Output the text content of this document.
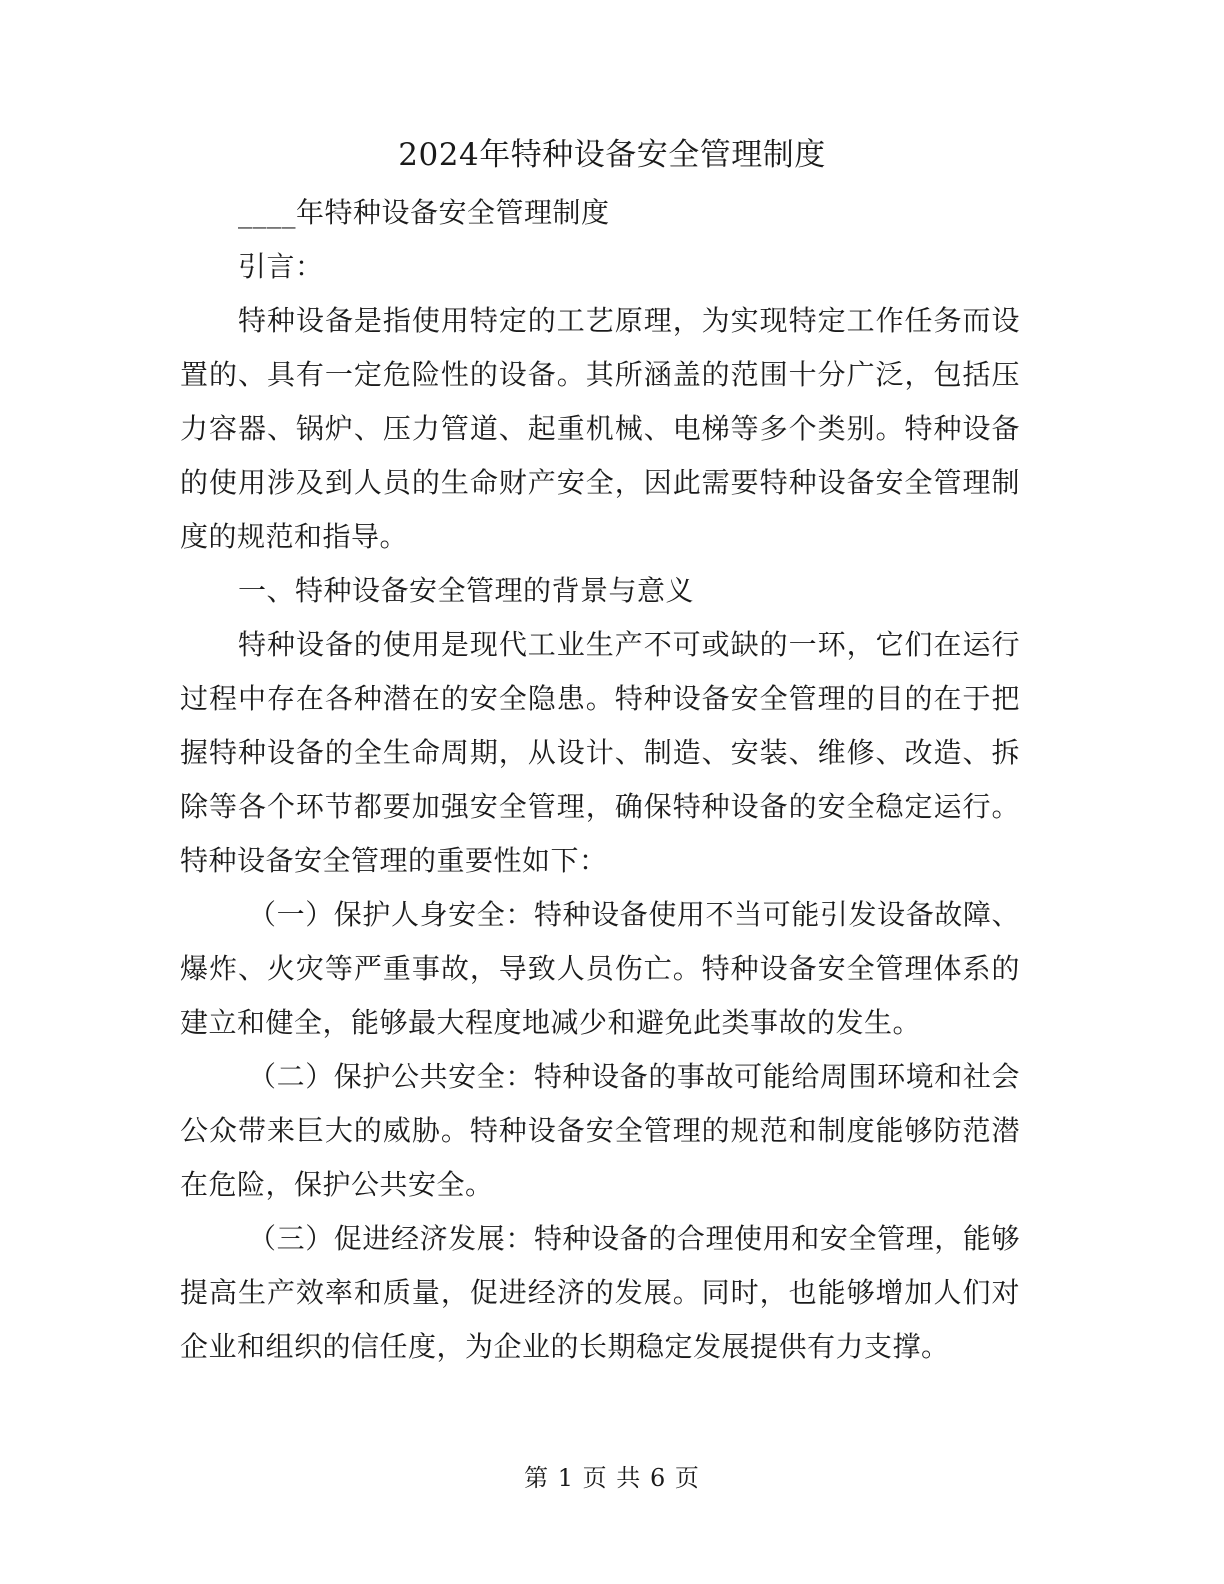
2024年特种设备安全管理制度

____年特种设备安全管理制度

引言：

特种设备是指使用特定的工艺原理，为实现特定工作任务而设置的、具有一定危险性的设备。其所涵盖的范围十分广泛，包括压力容器、锅炉、压力管道、起重机械、电梯等多个类别。特种设备的使用涉及到人员的生命财产安全，因此需要特种设备安全管理制度的规范和指导。

一、特种设备安全管理的背景与意义

特种设备的使用是现代工业生产不可或缺的一环，它们在运行过程中存在各种潜在的安全隐患。特种设备安全管理的目的在于把握特种设备的全生命周期，从设计、制造、安装、维修、改造、拆除等各个环节都要加强安全管理，确保特种设备的安全稳定运行。特种设备安全管理的重要性如下：

（一）保护人身安全：特种设备使用不当可能引发设备故障、爆炸、火灾等严重事故，导致人员伤亡。特种设备安全管理体系的建立和健全，能够最大程度地减少和避免此类事故的发生。

（二）保护公共安全：特种设备的事故可能给周围环境和社会公众带来巨大的威胁。特种设备安全管理的规范和制度能够防范潜在危险，保护公共安全。

（三）促进经济发展：特种设备的合理使用和安全管理，能够提高生产效率和质量，促进经济的发展。同时，也能够增加人们对企业和组织的信任度，为企业的长期稳定发展提供有力支撑。

第 1 页 共 6 页
